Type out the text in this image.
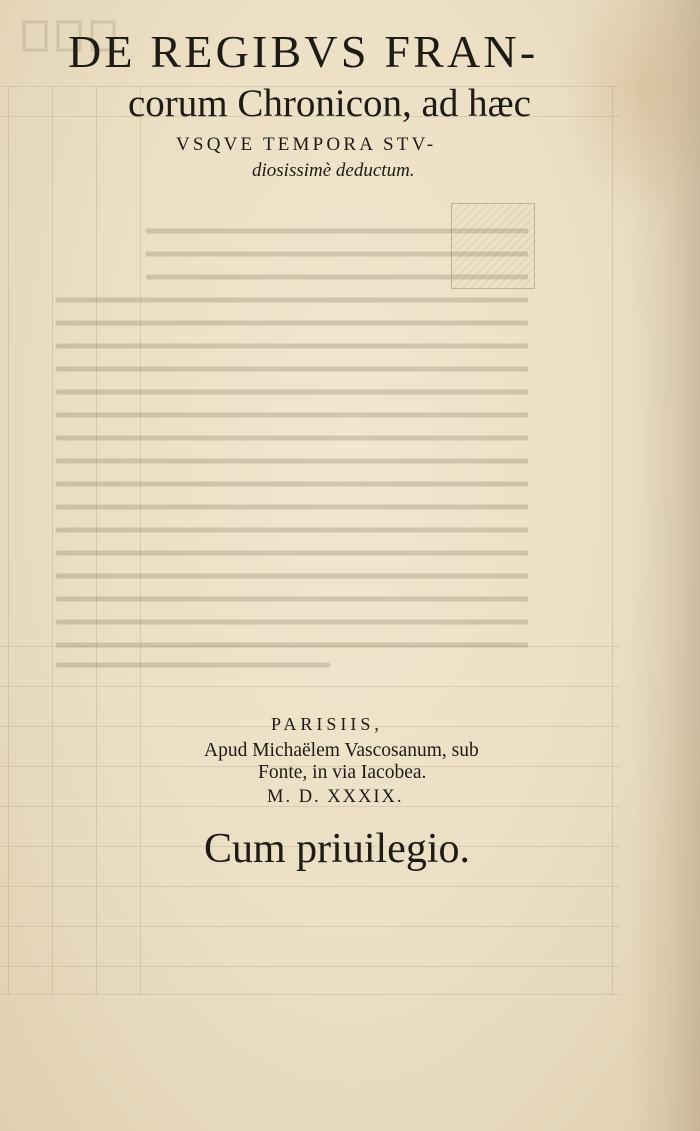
DE REGIBVS FRAN-
corum Chronicon, ad hæc
VSQVE TEMPORA STV-
diosissimè deductum.
PARISIIS,
Apud Michaëlem Vascosanum, sub
Fonte, in via Iacobea.
M. D. XXXIX.
Cum priuilegio.
